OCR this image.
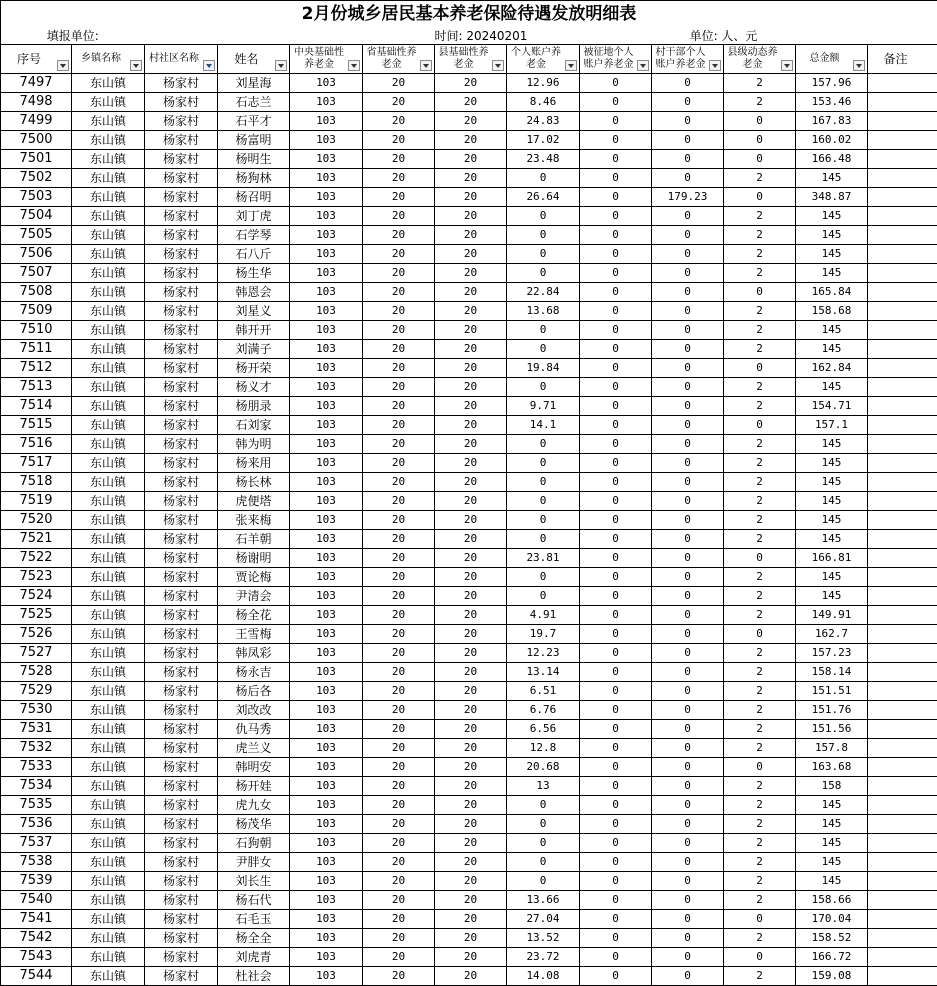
2月份城乡居民基本养老保险待遇发放明细表												
填报单位:						时间: 20240201			单位: 人、元			

序号	乡镇名称	村社区名称	姓名	中央基础性养老金	省基础性养老金	县基础性养老金	个人账户养老金	被征地个人账户养老金	村干部个人账户养老金	县级动态养老金	总金额	备注

7497	东山镇	杨家村	刘星海	103	20	20	12.96	0	0	2	157.96	
7498	东山镇	杨家村	石志兰	103	20	20	8.46	0	0	2	153.46	
7499	东山镇	杨家村	石平才	103	20	20	24.83	0	0	0	167.83	
7500	东山镇	杨家村	杨富明	103	20	20	17.02	0	0	0	160.02	
7501	东山镇	杨家村	杨明生	103	20	20	23.48	0	0	0	166.48	
7502	东山镇	杨家村	杨狗林	103	20	20	0	0	0	2	145	
7503	东山镇	杨家村	杨召明	103	20	20	26.64	0	179.23	0	348.87	
7504	东山镇	杨家村	刘丁虎	103	20	20	0	0	0	2	145	
7505	东山镇	杨家村	石学琴	103	20	20	0	0	0	2	145	
7506	东山镇	杨家村	石八斤	103	20	20	0	0	0	2	145	
7507	东山镇	杨家村	杨生华	103	20	20	0	0	0	2	145	
7508	东山镇	杨家村	韩恩会	103	20	20	22.84	0	0	0	165.84	
7509	东山镇	杨家村	刘星义	103	20	20	13.68	0	0	2	158.68	
7510	东山镇	杨家村	韩开开	103	20	20	0	0	0	2	145	
7511	东山镇	杨家村	刘满子	103	20	20	0	0	0	2	145	
7512	东山镇	杨家村	杨开荣	103	20	20	19.84	0	0	0	162.84	
7513	东山镇	杨家村	杨义才	103	20	20	0	0	0	2	145	
7514	东山镇	杨家村	杨朋录	103	20	20	9.71	0	0	2	154.71	
7515	东山镇	杨家村	石刘家	103	20	20	14.1	0	0	0	157.1	
7516	东山镇	杨家村	韩为明	103	20	20	0	0	0	2	145	
7517	东山镇	杨家村	杨来用	103	20	20	0	0	0	2	145	
7518	东山镇	杨家村	杨长林	103	20	20	0	0	0	2	145	
7519	东山镇	杨家村	虎便塔	103	20	20	0	0	0	2	145	
7520	东山镇	杨家村	张来梅	103	20	20	0	0	0	2	145	
7521	东山镇	杨家村	石羊朝	103	20	20	0	0	0	2	145	
7522	东山镇	杨家村	杨谢明	103	20	20	23.81	0	0	0	166.81	
7523	东山镇	杨家村	贾论梅	103	20	20	0	0	0	2	145	
7524	东山镇	杨家村	尹清会	103	20	20	0	0	0	2	145	
7525	东山镇	杨家村	杨全花	103	20	20	4.91	0	0	2	149.91	
7526	东山镇	杨家村	王雪梅	103	20	20	19.7	0	0	0	162.7	
7527	东山镇	杨家村	韩凤彩	103	20	20	12.23	0	0	2	157.23	
7528	东山镇	杨家村	杨永吉	103	20	20	13.14	0	0	2	158.14	
7529	东山镇	杨家村	杨后各	103	20	20	6.51	0	0	2	151.51	
7530	东山镇	杨家村	刘改改	103	20	20	6.76	0	0	2	151.76	
7531	东山镇	杨家村	仇马秀	103	20	20	6.56	0	0	2	151.56	
7532	东山镇	杨家村	虎兰义	103	20	20	12.8	0	0	2	157.8	
7533	东山镇	杨家村	韩明安	103	20	20	20.68	0	0	0	163.68	
7534	东山镇	杨家村	杨开娃	103	20	20	13	0	0	2	158	
7535	东山镇	杨家村	虎九女	103	20	20	0	0	0	2	145	
7536	东山镇	杨家村	杨茂华	103	20	20	0	0	0	2	145	
7537	东山镇	杨家村	石狗朝	103	20	20	0	0	0	2	145	
7538	东山镇	杨家村	尹胖女	103	20	20	0	0	0	2	145	
7539	东山镇	杨家村	刘长生	103	20	20	0	0	0	2	145	
7540	东山镇	杨家村	杨石代	103	20	20	13.66	0	0	2	158.66	
7541	东山镇	杨家村	石毛玉	103	20	20	27.04	0	0	0	170.04	
7542	东山镇	杨家村	杨全全	103	20	20	13.52	0	0	2	158.52	
7543	东山镇	杨家村	刘虎青	103	20	20	23.72	0	0	0	166.72	
7544	东山镇	杨家村	杜社会	103	20	20	14.08	0	0	2	159.08	
